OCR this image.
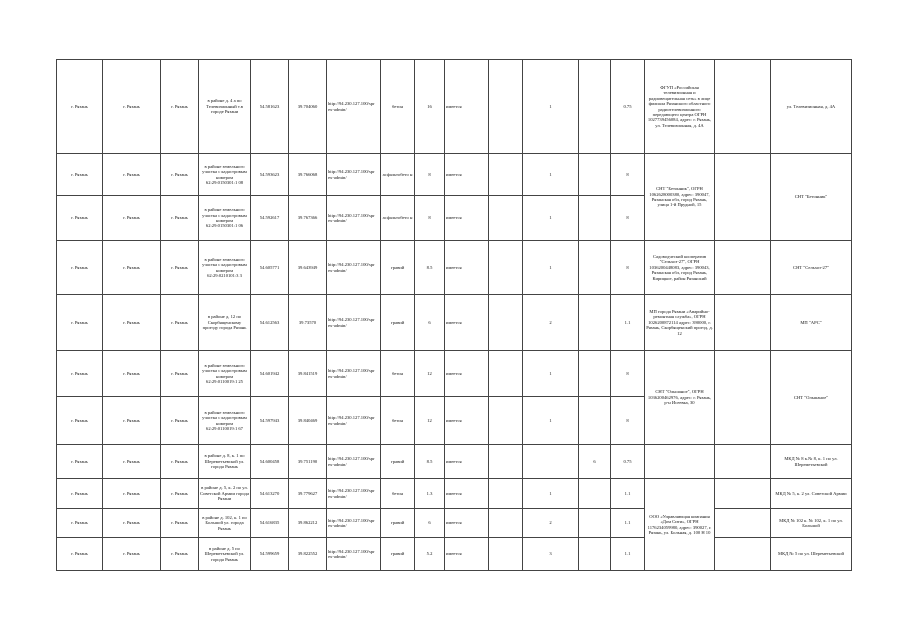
г. Рязань	г. Рязань	г. Рязань	в районе д. 4 а по Телевизионный т.в городе Рязани	54.581623	39.704060	http://94.230.127.100/spr ex-admin/	бетон	16	имеется		1		0.75	ФГУП «Российская телевизионная и радиовещательная сеть» в лице филиала Рязанского областного радиотелевизионного передающего центра ОГРН 1027739456084, адрес: г. Рязань, ул. Телевизионная, д. 4А		ул. Телевизионная, д. 4А
г. Рязань	г. Рязань	г. Рязань	в районе земельного участка с кадастровым номером 62:29:0150301:1 08	54.593623	39.766068	http://94.230.127.100/spr ex-admin/	асфальтобето н	8	имеется		1		8	СНТ "Бетонник", ОГРН 1062628000380, адрес: 390047, Рязанская обл, город Рязань, улица 1-й Прудной, 15		СНТ "Бетонник"
г. Рязань	г. Рязань	г. Рязань	в районе земельного участка с кадастровым номером 62:29:0150301:1 06	54.592617	39.767366	http://94.230.127.100/spr ex-admin/	асфальтобето н	8	имеется		1		8			
г. Рязань	г. Рязань	г. Рязань	в районе земельного участка с кадастровым номером 62:29:0210101:3 3	54.605771	39.643949	http://94.230.127.100/spr ex-admin/	гравий	8.5	имеется		1		8	Садоводческий кооператив "Сельхоз-27", ОГРН 1036200448083, адрес: 390043, Рязанская обл, город Рязань, Кирицкое, район Рязанский		СНТ "Сельхоз-27"
г. Рязань	г. Рязань	г. Рязань	в районе д. 12 по Скорбященскому проезду города Рязань	54.612563	39.73570	http://94.230.127.100/spr ex-admin/	гравий	6	имеется		2		1.1	МП города Рязани «Аварийно-ремонтная служба», ОГРН 1026200872114 адрес: 390000, г. Рязань, Скорбященский проезд, д. 12		МП "АРС"
г. Рязань	г. Рязань	г. Рязань	в районе земельного участка с кадастровым номером 62:29:0110019:1 25	54.601942	39.841519	http://94.230.127.100/spr ex-admin/	бетон	12	имеется		1		8	СНТ "Ольшаное", ОГРН 1036200462976, адрес: г. Рязань, р-н Исеевка, 30		СНТ "Ольшаное"
г. Рязань	г. Рязань	г. Рязань	в районе земельного участка с кадастровым номером 62:29:0110019:1 67	54.597943	39.840469	http://94.230.127.100/spr ex-admin/	бетон	12	имеется		1		8			
г. Рязань	г. Рязань	г. Рязань	в районе д. 8, к. 1 по Шереметьевской ул. города Рязань	54.600458	39.751190	http://94.230.127.100/spr ex-admin/	гравий	8.5	имеется			6	0.75			МКД № 8 к.№ 8, к. 1 по ул. Шереметьевской
г. Рязань	г. Рязань	г. Рязань	в районе д. 5, к. 2 по ул. Советской Армии города Рязани	54.613270	39.779627	http://94.230.127.100/spr ex-admin/	бетон	1.3	имеется		1		1.1	ООО «Управляющая компания «Дом Сити», ОГРН 1176234059980, адрес: 390027, г. Рязань, ул. Больная, д. 100 Н 10		МКД № 5, к. 2 ул. Советской Армии
г. Рязань	г. Рязань	г. Рязань	в районе д. 102, к. 1 по Большой ул. города Рязань	54.616835	39.862212	http://94.230.127.100/spr ex-admin/	гравий	6	имеется		2		1.1			МКД № 102 к. № 102, к. 1 по ул. Большой
г. Рязань	г. Рязань	г. Рязань	в районе д. 5 по Шереметьевской ул. города Рязань	54.599659	39.822552	http://94.230.127.100/spr ex-admin/	гравий	5.2	имеется		3		1.1			МКД № 5 по ул. Шереметьевской
